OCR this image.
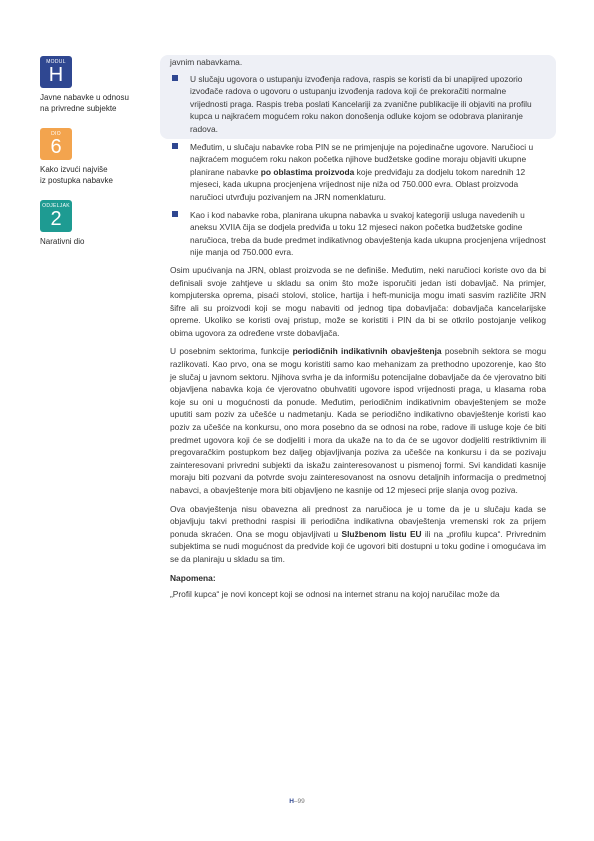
MODUL
H
Javne nabavke u odnosu
na privredne subjekte
DIO
6
Kako izvući najviše
iz postupka nabavke
ODJELJAK
2
Narativni dio

javnim nabavkama.

U slučaju ugovora o ustupanju izvođenja radova, raspis se koristi da bi unapijred upozorio izvođače radova o ugovoru o ustupanju izvođenja radova koji će prekoračiti normalne vrijednosti praga. Raspis treba poslati Kancelariji za zvanične publikacije ili objaviti na profilu kupca u najkraćem mogućem roku nakon donošenja odluke kojom se odobrava planiranje radova.
Međutim, u slučaju nabavke roba PIN se ne primjenjuje na pojedinačne ugovore. Naručioci u najkraćem mogućem roku nakon početka njihove budžetske godine moraju objaviti ukupne planirane nabavke po oblastima proizvoda koje predviđaju za dodjelu tokom narednih 12 mjeseci, kada ukupna procjenjena vrijednost nije niža od 750.000 evra. Oblast proizvoda naručioci utvrđuju pozivanjem na JRN nomenklaturu.
Kao i kod nabavke roba, planirana ukupna nabavka u svakoj kategoriji usluga navedenih u aneksu XVIIA čija se dodjela predviđa u toku 12 mjeseci nakon početka budžetske godine naručioca, treba da bude predmet indikativnog obavještenja kada ukupna procjenjena vrijednost nije manja od 750.000 evra.

Osim upućivanja na JRN, oblast proizvoda se ne definiše. Međutim, neki naručioci koriste ovo da bi definisali svoje zahtjeve u skladu sa onim što može isporučiti jedan isti dobavljač. Na primjer, kompjuterska oprema, pisaći stolovi, stolice, hartija i heft-municija mogu imati sasvim različite JRN šifre ali su proizvodi koji se mogu nabaviti od jednog tipa dobavljača: dobavljača kancelarijske opreme. Ukoliko se koristi ovaj pristup, može se koristiti i PIN da bi se otkrilo postojanje velikog obima ugovora za određene vrste dobavljača.

U posebnim sektorima, funkcije periodičnih indikativnih obavještenja posebnih sektora se mogu razlikovati. Kao prvo, ona se mogu koristiti samo kao mehanizam za prethodno upozorenje, kao što je slučaj u javnom sektoru. Njihova svrha je da informišu potencijalne dobavljače da će vjerovatno biti objavljena nabavka koja će vjerovatno obuhvatiti ugovore ispod vrijednosti praga, u klasama roba koje su oni u mogućnosti da ponude. Međutim, periodičnim indikativnim obavještenjem se može uputiti sam poziv za učešće u nadmetanju. Kada se periodično indikativno obavještenje koristi kao poziv za učešće na konkursu, ono mora posebno da se odnosi na robe, radove ili usluge koje će biti predmet ugovora koji će se dodjeliti i mora da ukaže na to da će se ugovor dodjeliti restriktivnim ili pregovaračkim postupkom bez daljeg objavljivanja poziva za učešće na konkursu i da se pozivaju zainteresovani privredni subjekti da iskažu zainteresovanost u pismenoj formi. Svi kandidati kasnije moraju biti pozvani da potvrde svoju zainteresovanost na osnovu detaljnih informacija o predmetnoj nabavci, a obavještenje mora biti objavljeno ne kasnije od 12 mjeseci prije slanja ovog poziva.

Ova obavještenja nisu obavezna ali prednost za naručioca je u tome da je u slučaju kada se objavljuju takvi prethodni raspisi ili periodična indikativna obavještenja vremenski rok za prijem ponuda skraćen. Ona se mogu objavljivati u Službenom listu EU ili na „profilu kupca“. Privrednim subjektima se nudi mogućnost da predvide koji će ugovori biti dostupni u toku godine i omogućava im se da planiraju u skladu sa tim.

Napomena:

„Profil kupca“ je novi koncept koji se odnosi na internet stranu na kojoj naručilac može da

H–99
